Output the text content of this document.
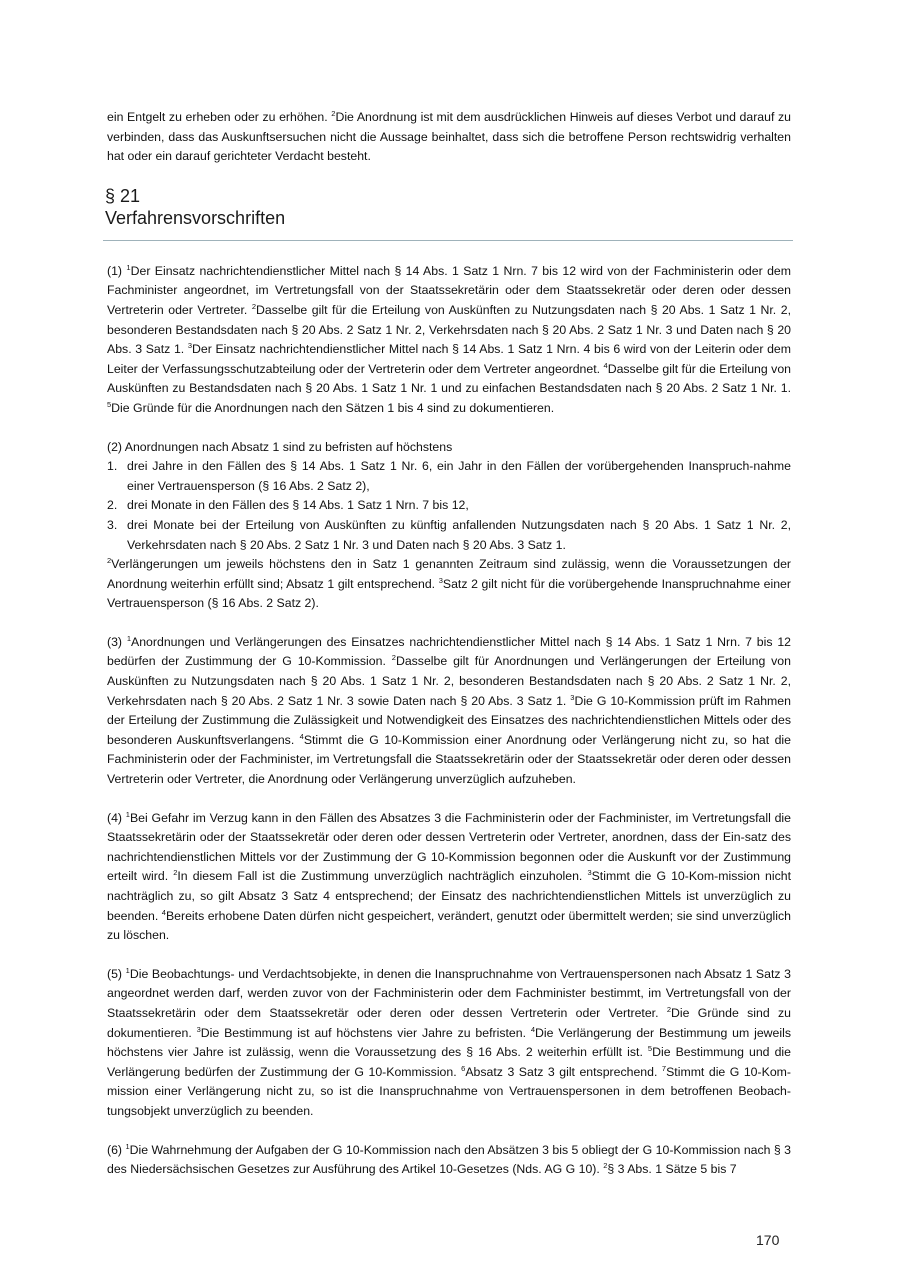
ein Entgelt zu erheben oder zu erhöhen. $^2$Die Anordnung ist mit dem ausdrücklichen Hinweis auf dieses Verbot und darauf zu verbinden, dass das Auskunftsersuchen nicht die Aussage beinhaltet, dass sich die betroffene Person rechtswidrig verhalten hat oder ein darauf gerichteter Verdacht besteht.

§ 21
Verfahrensvorschriften

(1) $^1$Der Einsatz nachrichtendienstlicher Mittel nach § 14 Abs. 1 Satz 1 Nrn. 7 bis 12 wird von der Fachministerin oder dem Fachminister angeordnet, im Vertretungsfall von der Staatssekretärin oder dem Staatssekretär oder deren oder dessen Vertreterin oder Vertreter. $^2$Dasselbe gilt für die Erteilung von Auskünften zu Nutzungsdaten nach § 20 Abs. 1 Satz 1 Nr. 2, besonderen Bestandsdaten nach § 20 Abs. 2 Satz 1 Nr. 2, Verkehrsdaten nach § 20 Abs. 2 Satz 1 Nr. 3 und Daten nach § 20 Abs. 3 Satz 1. $^3$Der Einsatz nachrichtendienstlicher Mittel nach § 14 Abs. 1 Satz 1 Nrn. 4 bis 6 wird von der Leiterin oder dem Leiter der Verfassungsschutzabteilung oder der Vertreterin oder dem Vertreter angeordnet. $^4$Dasselbe gilt für die Erteilung von Auskünften zu Bestandsdaten nach § 20 Abs. 1 Satz 1 Nr. 1 und zu einfachen Bestandsdaten nach § 20 Abs. 2 Satz 1 Nr. 1. $^5$Die Gründe für die Anordnungen nach den Sätzen 1 bis 4 sind zu dokumentieren.

(2) Anordnungen nach Absatz 1 sind zu befristen auf höchstens

1. drei Jahre in den Fällen des § 14 Abs. 1 Satz 1 Nr. 6, ein Jahr in den Fällen der vorübergehenden Inanspruch-nahme einer Vertrauensperson (§ 16 Abs. 2 Satz 2),
2. drei Monate in den Fällen des § 14 Abs. 1 Satz 1 Nrn. 7 bis 12,
3. drei Monate bei der Erteilung von Auskünften zu künftig anfallenden Nutzungsdaten nach § 20 Abs. 1 Satz 1 Nr. 2, Verkehrsdaten nach § 20 Abs. 2 Satz 1 Nr. 3 und Daten nach § 20 Abs. 3 Satz 1.

$^2$Verlängerungen um jeweils höchstens den in Satz 1 genannten Zeitraum sind zulässig, wenn die Voraussetzungen der Anordnung weiterhin erfüllt sind; Absatz 1 gilt entsprechend. $^3$Satz 2 gilt nicht für die vorübergehende Inanspruchnahme einer Vertrauensperson (§ 16 Abs. 2 Satz 2).

(3) $^1$Anordnungen und Verlängerungen des Einsatzes nachrichtendienstlicher Mittel nach § 14 Abs. 1 Satz 1 Nrn. 7 bis 12 bedürfen der Zustimmung der G 10-Kommission. $^2$Dasselbe gilt für Anordnungen und Verlängerungen der Erteilung von Auskünften zu Nutzungsdaten nach § 20 Abs. 1 Satz 1 Nr. 2, besonderen Bestandsdaten nach § 20 Abs. 2 Satz 1 Nr. 2, Verkehrsdaten nach § 20 Abs. 2 Satz 1 Nr. 3 sowie Daten nach § 20 Abs. 3 Satz 1. $^3$Die G 10-Kommission prüft im Rahmen der Erteilung der Zustimmung die Zulässigkeit und Notwendigkeit des Einsatzes des nachrichtendienstlichen Mittels oder des besonderen Auskunftsverlangens. $^4$Stimmt die G 10-Kommission einer Anordnung oder Verlängerung nicht zu, so hat die Fachministerin oder der Fachminister, im Vertretungsfall die Staatssekretärin oder der Staatssekretär oder deren oder dessen Vertreterin oder Vertreter, die Anordnung oder Verlängerung unverzüglich aufzuheben.

(4) $^1$Bei Gefahr im Verzug kann in den Fällen des Absatzes 3 die Fachministerin oder der Fachminister, im Vertretungsfall die Staatssekretärin oder der Staatssekretär oder deren oder dessen Vertreterin oder Vertreter, anordnen, dass der Ein-satz des nachrichtendienstlichen Mittels vor der Zustimmung der G 10-Kommission begonnen oder die Auskunft vor der Zustimmung erteilt wird. $^2$In diesem Fall ist die Zustimmung unverzüglich nachträglich einzuholen. $^3$Stimmt die G 10-Kom-mission nicht nachträglich zu, so gilt Absatz 3 Satz 4 entsprechend; der Einsatz des nachrichtendienstlichen Mittels ist unverzüglich zu beenden. $^4$Bereits erhobene Daten dürfen nicht gespeichert, verändert, genutzt oder übermittelt werden; sie sind unverzüglich zu löschen.

(5) $^1$Die Beobachtungs- und Verdachtsobjekte, in denen die Inanspruchnahme von Vertrauenspersonen nach Absatz 1 Satz 3 angeordnet werden darf, werden zuvor von der Fachministerin oder dem Fachminister bestimmt, im Vertretungsfall von der Staatssekretärin oder dem Staatssekretär oder deren oder dessen Vertreterin oder Vertreter. $^2$Die Gründe sind zu dokumentieren. $^3$Die Bestimmung ist auf höchstens vier Jahre zu befristen. $^4$Die Verlängerung der Bestimmung um jeweils höchstens vier Jahre ist zulässig, wenn die Voraussetzung des § 16 Abs. 2 weiterhin erfüllt ist. $^5$Die Bestimmung und die Verlängerung bedürfen der Zustimmung der G 10-Kommission. $^6$Absatz 3 Satz 3 gilt entsprechend. $^7$Stimmt die G 10-Kom-mission einer Verlängerung nicht zu, so ist die Inanspruchnahme von Vertrauenspersonen in dem betroffenen Beobach-tungsobjekt unverzüglich zu beenden.

(6) $^1$Die Wahrnehmung der Aufgaben der G 10-Kommission nach den Absätzen 3 bis 5 obliegt der G 10-Kommission nach § 3 des Niedersächsischen Gesetzes zur Ausführung des Artikel 10-Gesetzes (Nds. AG G 10). $^2$§ 3 Abs. 1 Sätze 5 bis 7

170
